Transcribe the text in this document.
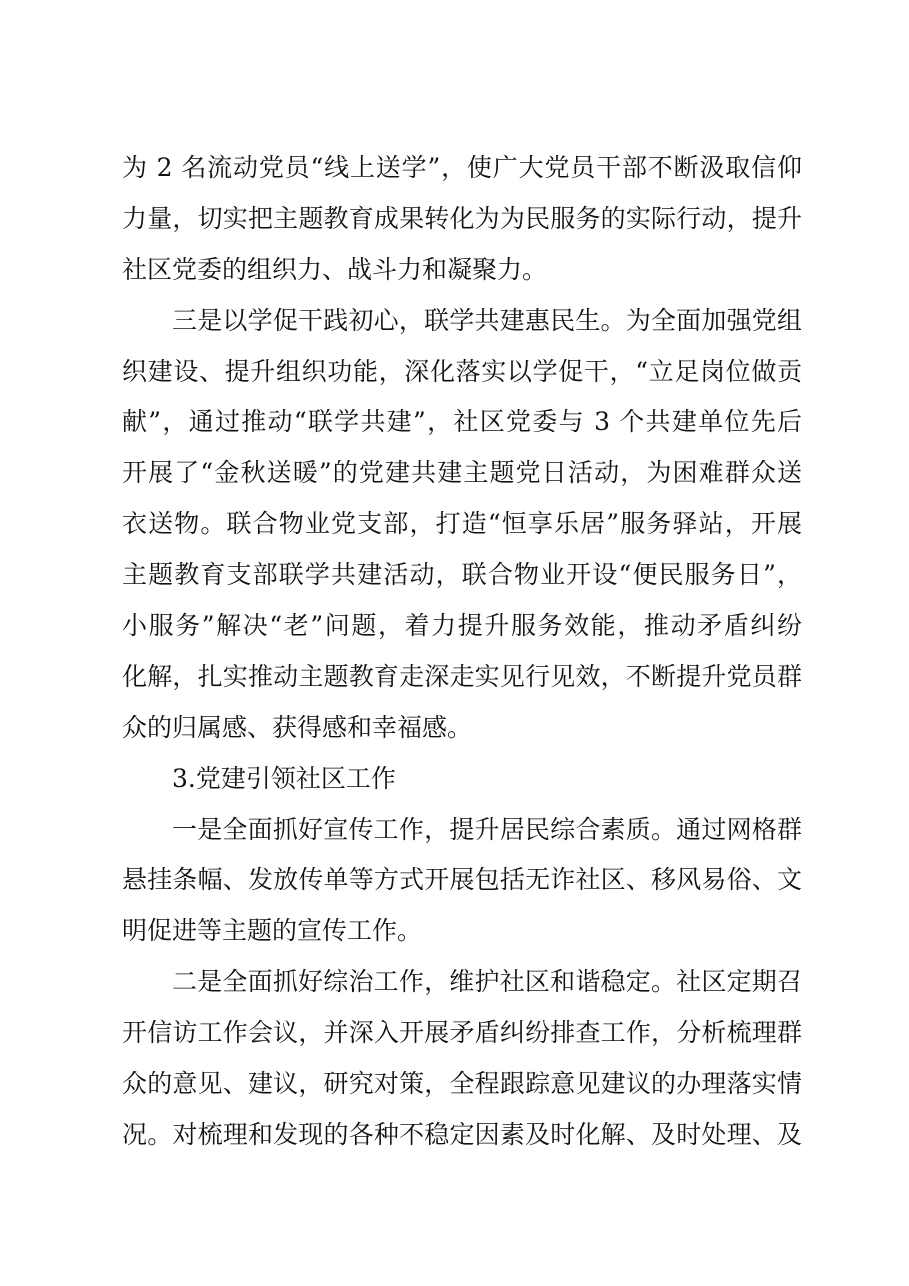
为 2 名流动党员“线上送学”，使广大党员干部不断汲取信仰
力量，切实把主题教育成果转化为为民服务的实际行动，提升
社区党委的组织力、战斗力和凝聚力。
三是以学促干践初心，联学共建惠民生。为全面加强党组
织建设、提升组织功能，深化落实以学促干，“立足岗位做贡
献”，通过推动“联学共建”，社区党委与 3 个共建单位先后
开展了“金秋送暖”的党建共建主题党日活动，为困难群众送
衣送物。联合物业党支部，打造“恒享乐居”服务驿站，开展
主题教育支部联学共建活动，联合物业开设“便民服务日”，
小服务”解决“老”问题，着力提升服务效能，推动矛盾纠纷
化解，扎实推动主题教育走深走实见行见效，不断提升党员群
众的归属感、获得感和幸福感。
3.党建引领社区工作
一是全面抓好宣传工作，提升居民综合素质。通过网格群
悬挂条幅、发放传单等方式开展包括无诈社区、移风易俗、文
明促进等主题的宣传工作。
二是全面抓好综治工作，维护社区和谐稳定。社区定期召
开信访工作会议，并深入开展矛盾纠纷排查工作，分析梳理群
众的意见、建议，研究对策，全程跟踪意见建议的办理落实情
况。对梳理和发现的各种不稳定因素及时化解、及时处理、及
